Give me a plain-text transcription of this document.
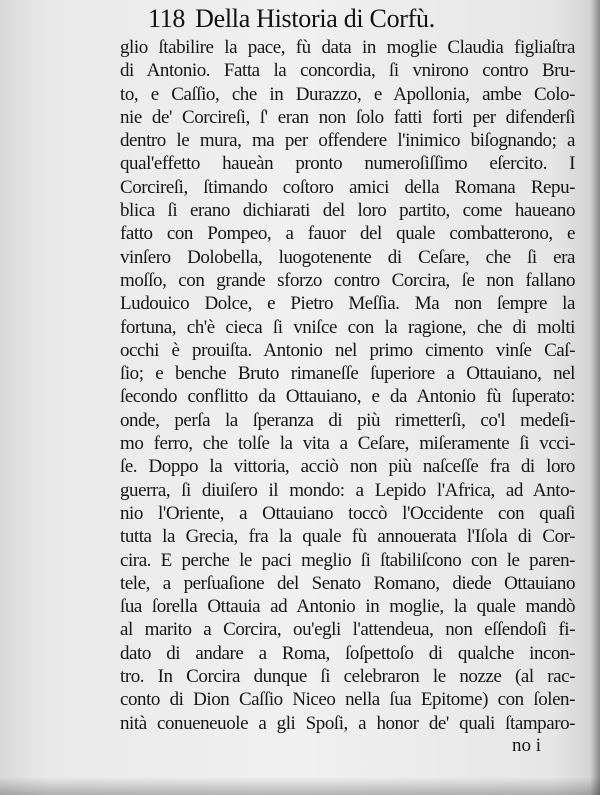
118 Della Historia di Corfù.
glio ſtabilire la pace, fù data in moglie Claudia figliaſtra
di Antonio. Fatta la concordia, ſi vnirono contro Bru-
to, e Caſſio, che in Durazzo, e Apollonia, ambe Colo-
nie de' Corcireſi, ſ' eran non ſolo fatti forti per difenderſi
dentro le mura, ma per offendere l'inimico biſognando; a
qual'effetto haueàn pronto numeroſiſſimo eſercito. I
Corcireſi, ſtimando coſtoro amici della Romana Repu-
blica ſi erano dichiarati del loro partito, come haueano
fatto con Pompeo, a fauor del quale combatterono, e
vinſero Dolobella, luogotenente di Ceſare, che ſi era
moſſo, con grande sforzo contro Corcira, ſe non fallano
Ludouico Dolce, e Pietro Meſſia. Ma non ſempre la
fortuna, ch'è cieca ſi vniſce con la ragione, che di molti
occhi è prouiſta. Antonio nel primo cimento vinſe Caſ-
ſio; e benche Bruto rimaneſſe ſuperiore a Ottauiano, nel
ſecondo conflitto da Ottauiano, e da Antonio fù ſuperato:
onde, perſa la ſperanza di più rimetterſi, co'l medeſi-
mo ferro, che tolſe la vita a Ceſare, miſeramente ſi vcci-
ſe. Doppo la vittoria, acciò non più naſceſſe fra di loro
guerra, ſi diuiſero il mondo: a Lepido l'Africa, ad Anto-
nio l'Oriente, a Ottauiano toccò l'Occidente con quaſi
tutta la Grecia, fra la quale fù annouerata l'Iſola di Cor-
cira. E perche le paci meglio ſi ſtabiliſcono con le paren-
tele, a perſuaſione del Senato Romano, diede Ottauiano
ſua ſorella Ottauia ad Antonio in moglie, la quale mandò
al marito a Corcira, ou'egli l'attendeua, non eſſendoſi fi-
dato di andare a Roma, ſoſpettoſo di qualche incon-
tro. In Corcira dunque ſi celebraron le nozze (al rac-
conto di Dion Caſſio Niceo nella ſua Epitome) con ſolen-
nità conueneuole a gli Spoſi, a honor de' quali ſtamparo-
no i
